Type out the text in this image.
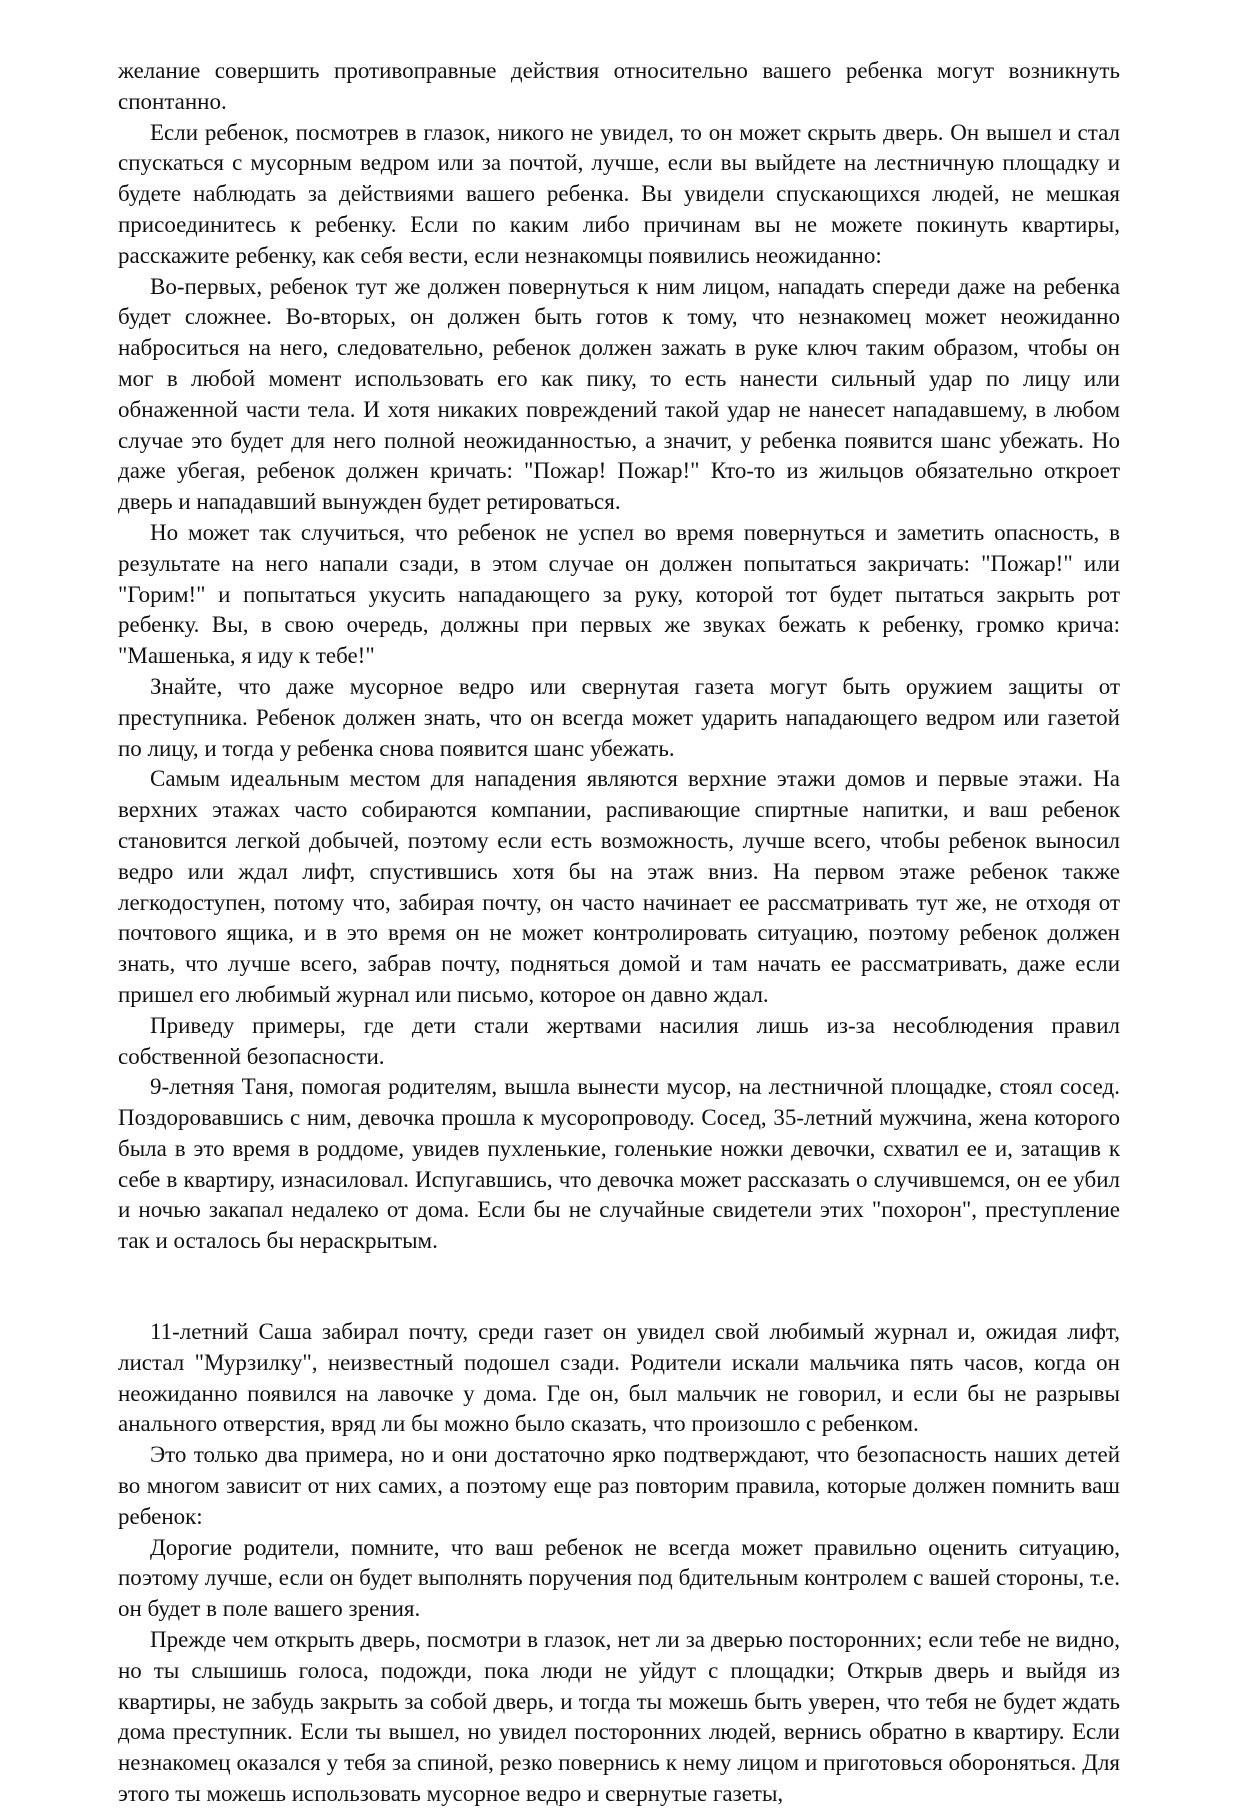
желание совершить противоправные действия относительно вашего ребенка могут возникнуть спонтанно.

Если ребенок, посмотрев в глазок, никого не увидел, то он может скрыть дверь. Он вышел и стал спускаться с мусорным ведром или за почтой, лучше, если вы выйдете на лестничную площадку и будете наблюдать за действиями вашего ребенка. Вы увидели спускающихся людей, не мешкая присоединитесь к ребенку. Если по каким либо причинам вы не можете покинуть квартиры, расскажите ребенку, как себя вести, если незнакомцы появились неожиданно:

Во-первых, ребенок тут же должен повернуться к ним лицом, нападать спереди даже на ребенка будет сложнее. Во-вторых, он должен быть готов к тому, что незнакомец может неожиданно наброситься на него, следовательно, ребенок должен зажать в руке ключ таким образом, чтобы он мог в любой момент использовать его как пику, то есть нанести сильный удар по лицу или обнаженной части тела. И хотя никаких повреждений такой удар не нанесет нападавшему, в любом случае это будет для него полной неожиданностью, а значит, у ребенка появится шанс убежать. Но даже убегая, ребенок должен кричать: "Пожар! Пожар!" Кто-то из жильцов обязательно откроет дверь и нападавший вынужден будет ретироваться.

Но может так случиться, что ребенок не успел во время повернуться и заметить опасность, в результате на него напали сзади, в этом случае он должен попытаться закричать: "Пожар!" или "Горим!" и попытаться укусить нападающего за руку, которой тот будет пытаться закрыть рот ребенку. Вы, в свою очередь, должны при первых же звуках бежать к ребенку, громко крича: "Машенька, я иду к тебе!"

Знайте, что даже мусорное ведро или свернутая газета могут быть оружием защиты от преступника. Ребенок должен знать, что он всегда может ударить нападающего ведром или газетой по лицу, и тогда у ребенка снова появится шанс убежать.

Самым идеальным местом для нападения являются верхние этажи домов и первые этажи. На верхних этажах часто собираются компании, распивающие спиртные напитки, и ваш ребенок становится легкой добычей, поэтому если есть возможность, лучше всего, чтобы ребенок выносил ведро или ждал лифт, спустившись хотя бы на этаж вниз. На первом этаже ребенок также легкодоступен, потому что, забирая почту, он часто начинает ее рассматривать тут же, не отходя от почтового ящика, и в это время он не может контролировать ситуацию, поэтому ребенок должен знать, что лучше всего, забрав почту, подняться домой и там начать ее рассматривать, даже если пришел его любимый журнал или письмо, которое он давно ждал.

Приведу примеры, где дети стали жертвами насилия лишь из-за несоблюдения правил собственной безопасности.

9-летняя Таня, помогая родителям, вышла вынести мусор, на лестничной площадке, стоял сосед. Поздоровавшись с ним, девочка прошла к мусоропроводу. Сосед, 35-летний мужчина, жена которого была в это время в роддоме, увидев пухленькие, голенькие ножки девочки, схватил ее и, затащив к себе в квартиру, изнасиловал. Испугавшись, что девочка может рассказать о случившемся, он ее убил и ночью закапал недалеко от дома. Если бы не случайные свидетели этих "похорон", преступление так и осталось бы нераскрытым.

11-летний Саша забирал почту, среди газет он увидел свой любимый журнал и, ожидая лифт, листал "Мурзилку", неизвестный подошел сзади. Родители искали мальчика пять часов, когда он неожиданно появился на лавочке у дома. Где он, был мальчик не говорил, и если бы не разрывы анального отверстия, вряд ли бы можно было сказать, что произошло с ребенком.

Это только два примера, но и они достаточно ярко подтверждают, что безопасность наших детей во многом зависит от них самих, а поэтому еще раз повторим правила, которые должен помнить ваш ребенок:

Дорогие родители, помните, что ваш ребенок не всегда может правильно оценить ситуацию, поэтому лучше, если он будет выполнять поручения под бдительным контролем с вашей стороны, т.е. он будет в поле вашего зрения.

Прежде чем открыть дверь, посмотри в глазок, нет ли за дверью посторонних; если тебе не видно, но ты слышишь голоса, подожди, пока люди не уйдут с площадки; Открыв дверь и выйдя из квартиры, не забудь закрыть за собой дверь, и тогда ты можешь быть уверен, что тебя не будет ждать дома преступник. Если ты вышел, но увидел посторонних людей, вернись обратно в квартиру. Если незнакомец оказался у тебя за спиной, резко повернись к нему лицом и приготовься обороняться. Для этого ты можешь использовать мусорное ведро и свернутые газеты,
